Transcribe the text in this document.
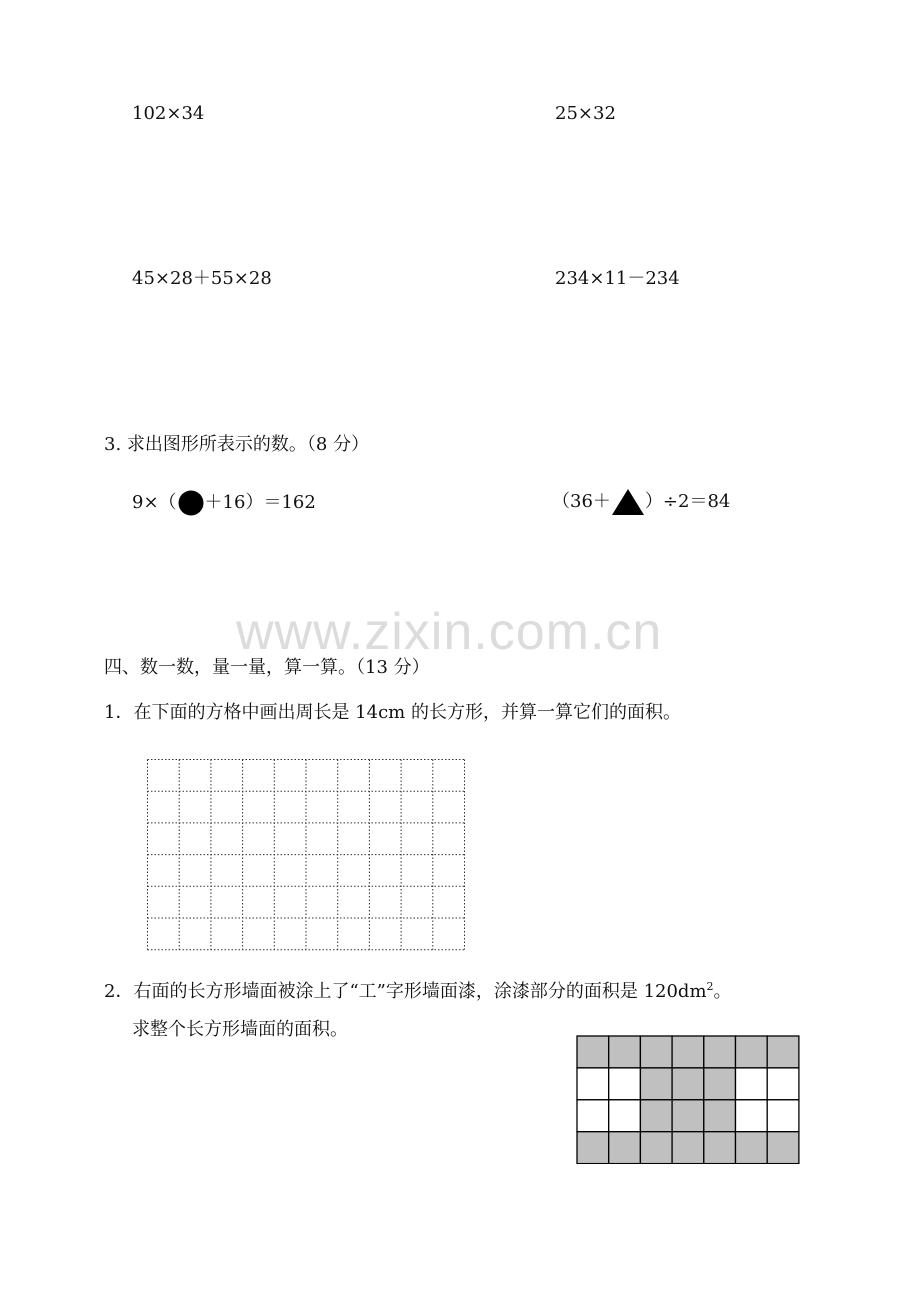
102×34	25×32
45×28＋55×28	234×11－234
3. 求出图形所表示的数。（8 分）
9×（ ＋16）＝162	（36＋ ）÷2＝84
www.zixin.com.cn
四、数一数，量一量，算一算。（13 分）
1．在下面的方格中画出周长是 14cm 的长方形，并算一算它们的面积。
2．右面的长方形墙面被涂上了“工”字形墙面漆，涂漆部分的面积是 $120dm^2$。
求整个长方形墙面的面积。
